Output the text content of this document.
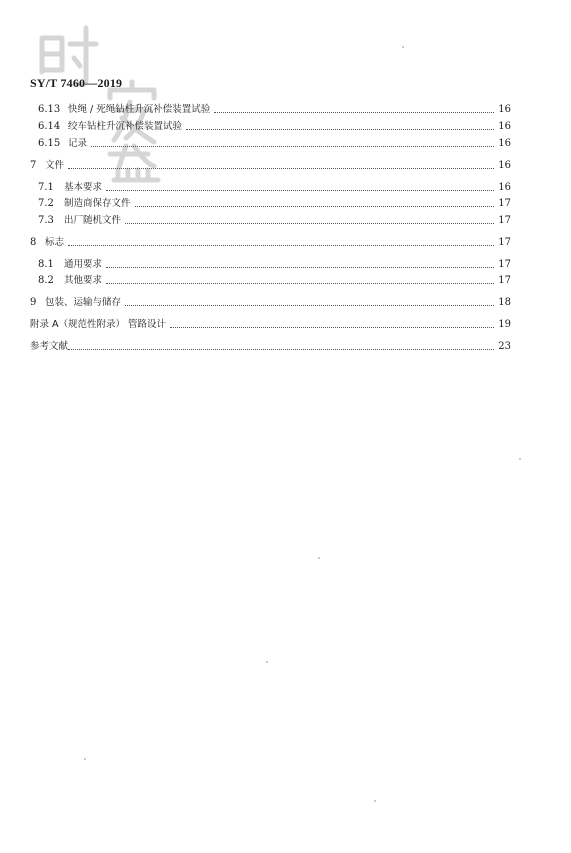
SY/T 7460—2019
6.13 快绳 / 死绳钻柱升沉补偿装置试验	16
6.14 绞车钻柱升沉补偿装置试验	16
6.15 记录	16
7 文件	16
7.1	基本要求	16
7.2	制造商保存文件	17
7.3	出厂随机文件	17
8 标志	17
8.1	通用要求	17
8.2	其他要求	17
9 包装、运输与储存	18
附录 A（规范性附录） 管路设计	19
参考文献	23
